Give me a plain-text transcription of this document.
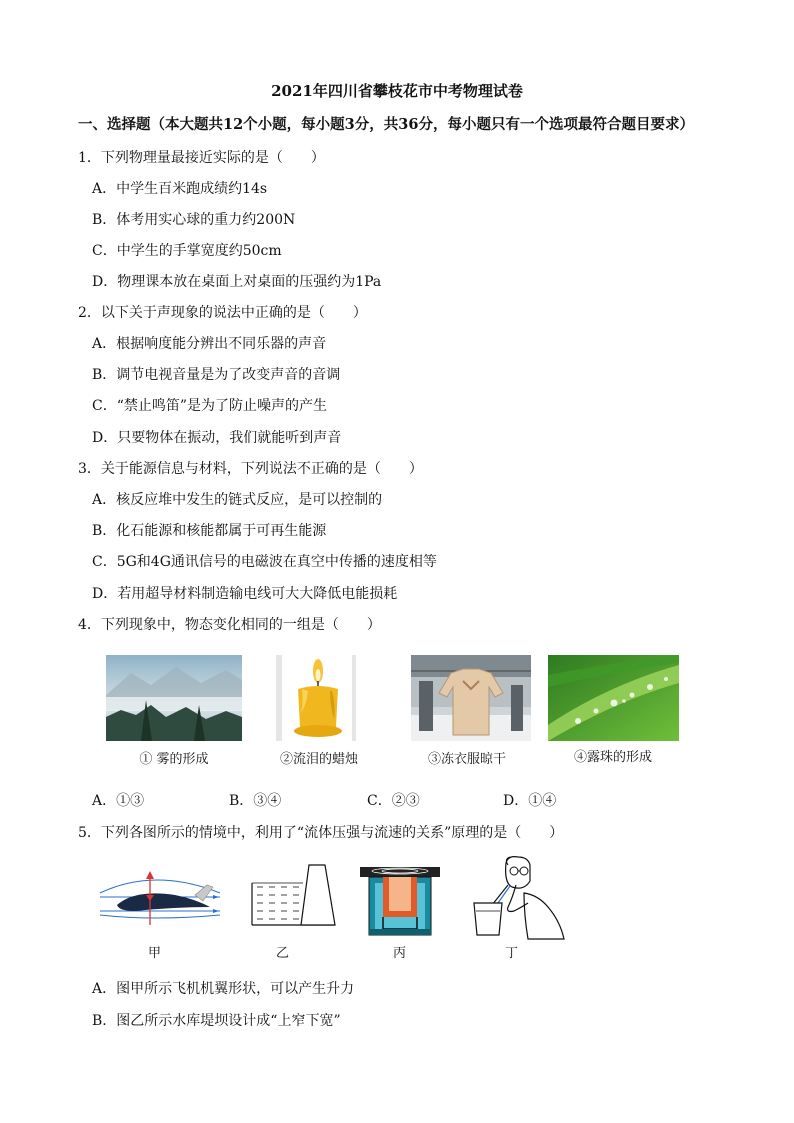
2021年四川省攀枝花市中考物理试卷
一、选择题（本大题共12个小题，每小题3分，共36分，每小题只有一个选项最符合题目要求）
1．下列物理量最接近实际的是（　　）
A．中学生百米跑成绩约14s
B．体考用实心球的重力约200N
C．中学生的手掌宽度约50cm
D．物理课本放在桌面上对桌面的压强约为1Pa
2．以下关于声现象的说法中正确的是（　　）
A．根据响度能分辨出不同乐器的声音
B．调节电视音量是为了改变声音的音调
C．“禁止鸣笛”是为了防止噪声的产生
D．只要物体在振动，我们就能听到声音
3．关于能源信息与材料，下列说法不正确的是（　　）
A．核反应堆中发生的链式反应，是可以控制的
B．化石能源和核能都属于可再生能源
C．5G和4G通讯信号的电磁波在真空中传播的速度相等
D．若用超导材料制造输电线可大大降低电能损耗
4．下列现象中，物态变化相同的一组是（　　）
① 雾的形成	②流泪的蜡烛	③冻衣服晾干	④露珠的形成
A．①③	B．③④	C．②③	D．①④
5．下列各图所示的情境中，利用了“流体压强与流速的关系”原理的是（　　）
甲	乙	丙	丁
A．图甲所示飞机机翼形状，可以产生升力
B．图乙所示水库堤坝设计成“上窄下宽”
